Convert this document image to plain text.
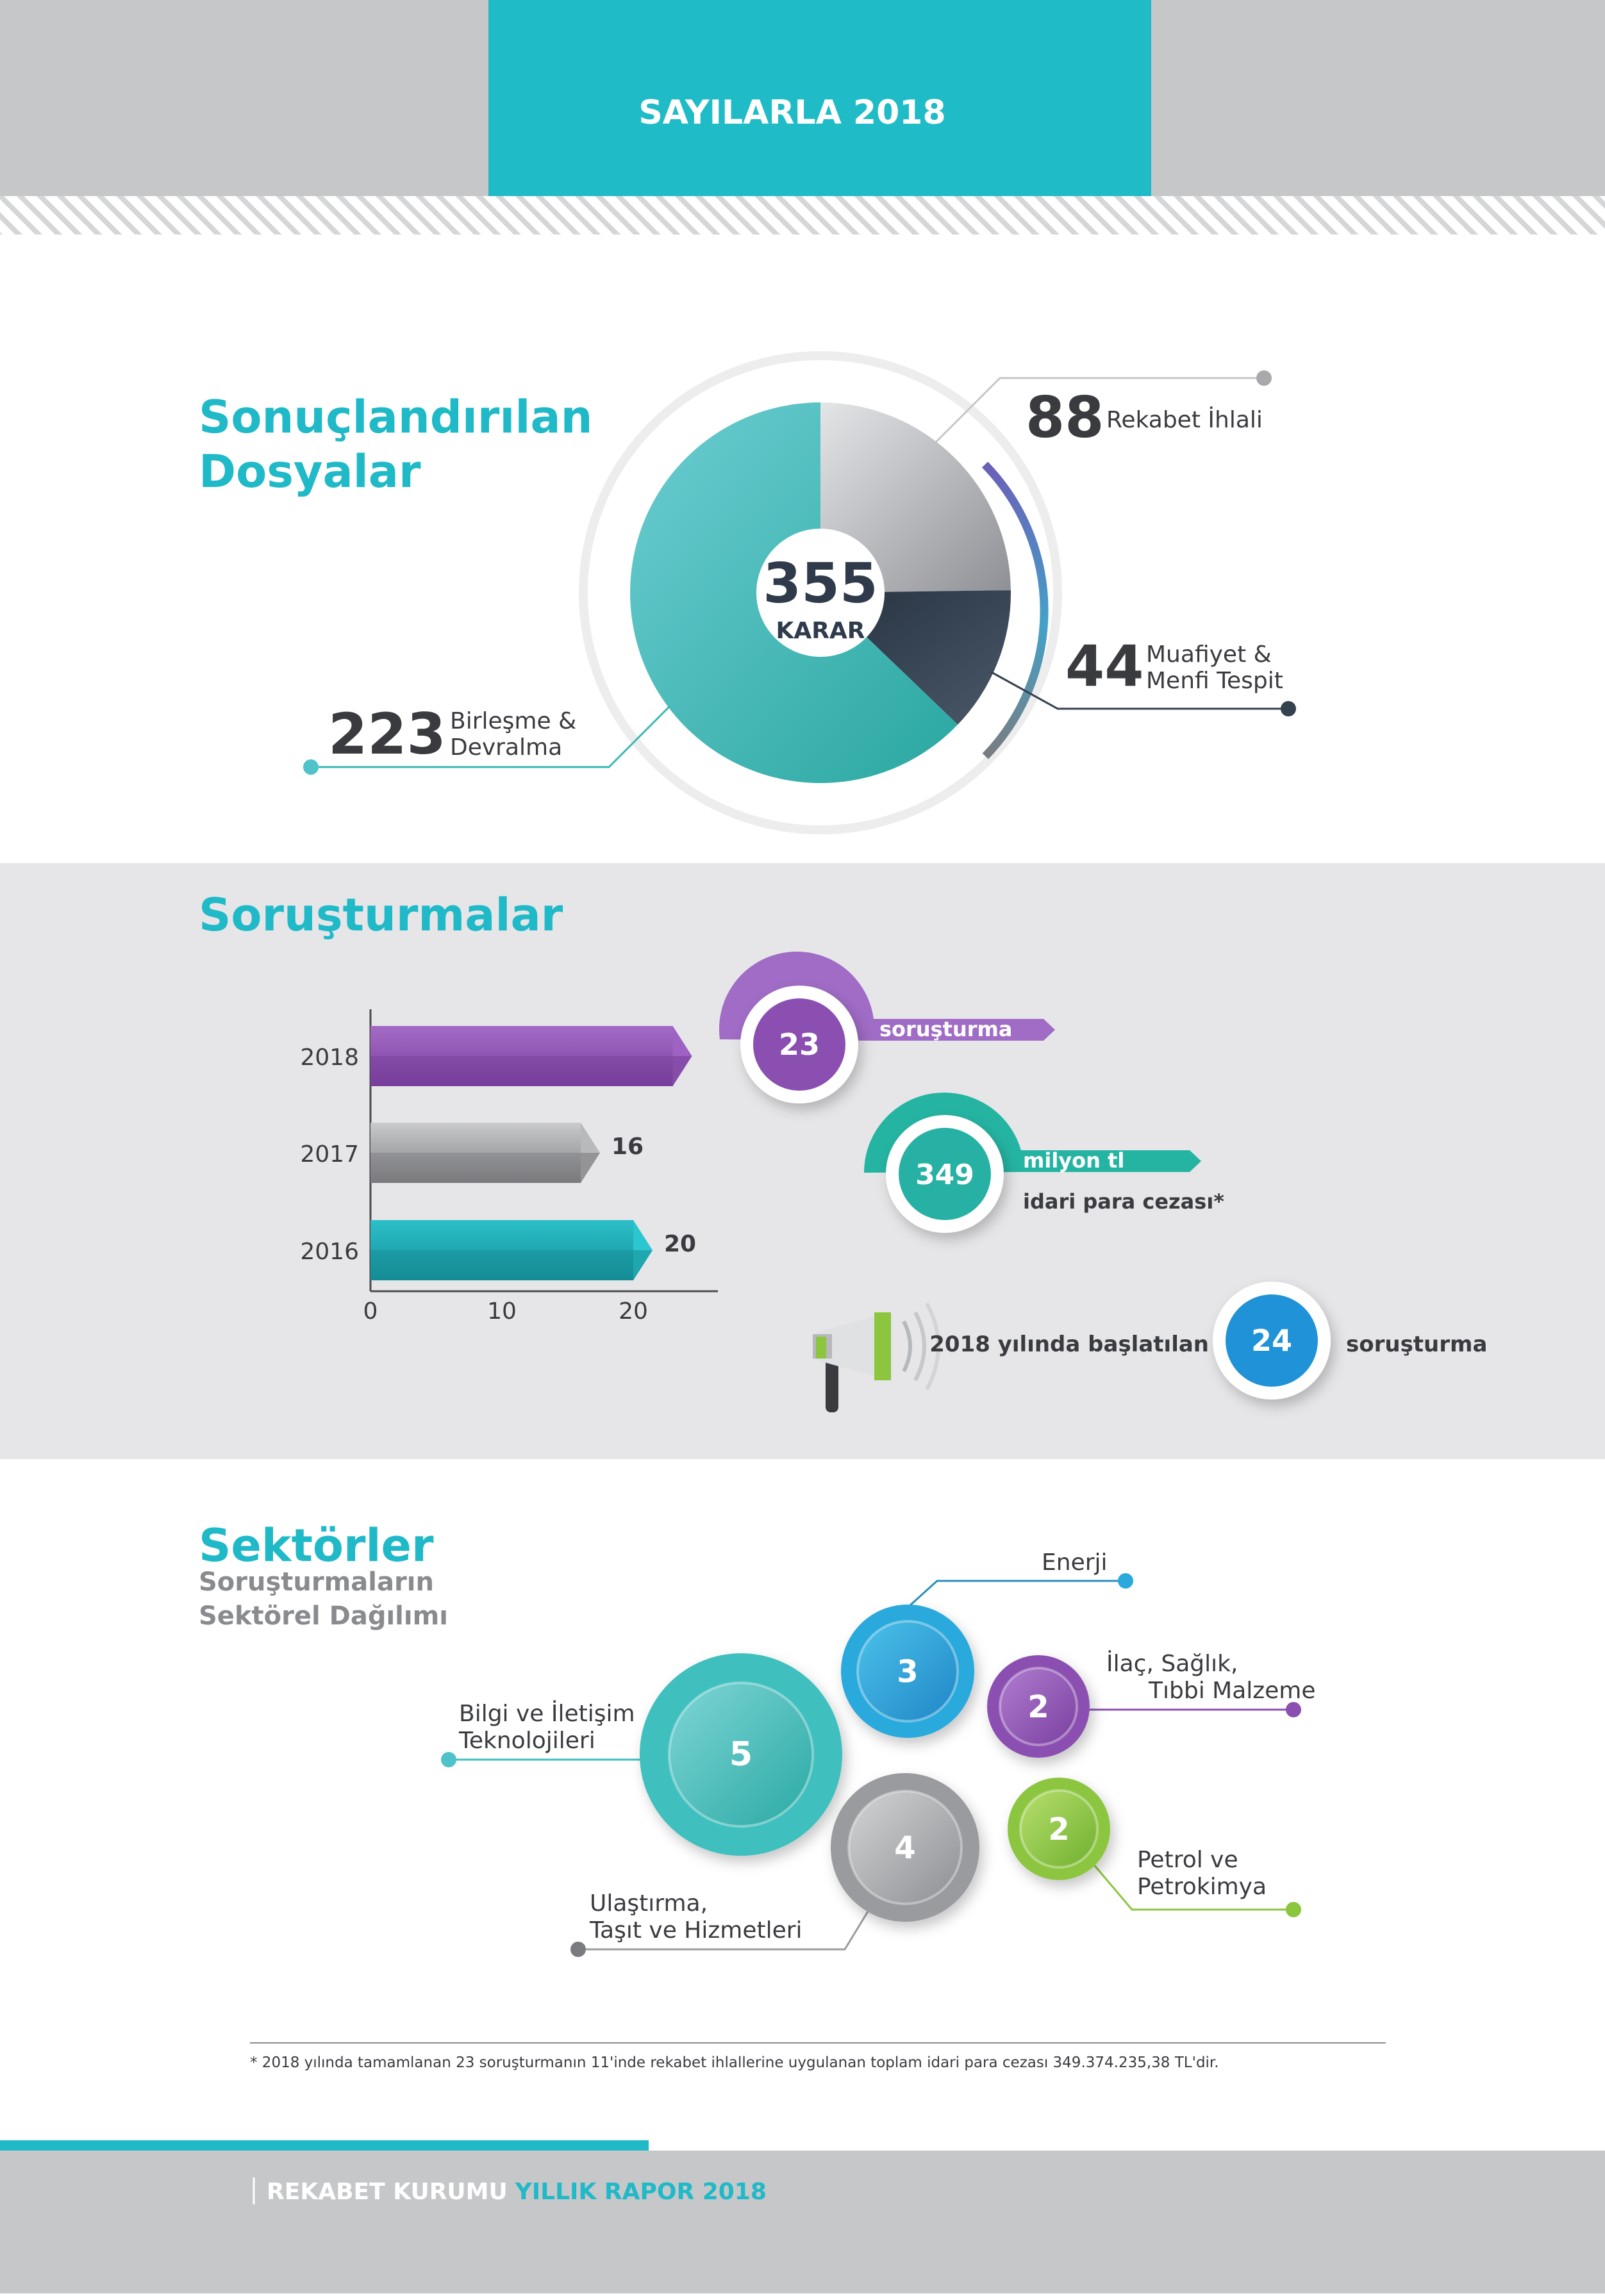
SAYILARLA 2018
Sonuçlandırılan
Dosyalar
355
KARAR
88 Rekabet İhlali
44 Muafiyet &
Menfi Tespit
223 Birleşme &
Devralma
Soruşturmalar
2018
2017	16
2016	20
0	10	20
23	soruşturma
349 milyon tl
idari para cezası*
2018 yılında başlatılan 24 soruşturma
Sektörler
Soruşturmaların
Sektörel Dağılımı
5
3
2
4
2
Bilgi ve İletişim
Teknolojileri
Enerji
İlaç, Sağlık,
Tıbbi Malzeme
Ulaştırma,
Taşıt ve Hizmetleri
Petrol ve
Petrokimya
* 2018 yılında tamamlanan 23 soruşturmanın 11'inde rekabet ihlallerine uygulanan toplam idari para cezası 349.374.235,38 TL'dir.
REKABET KURUMU YILLIK RAPOR 2018
